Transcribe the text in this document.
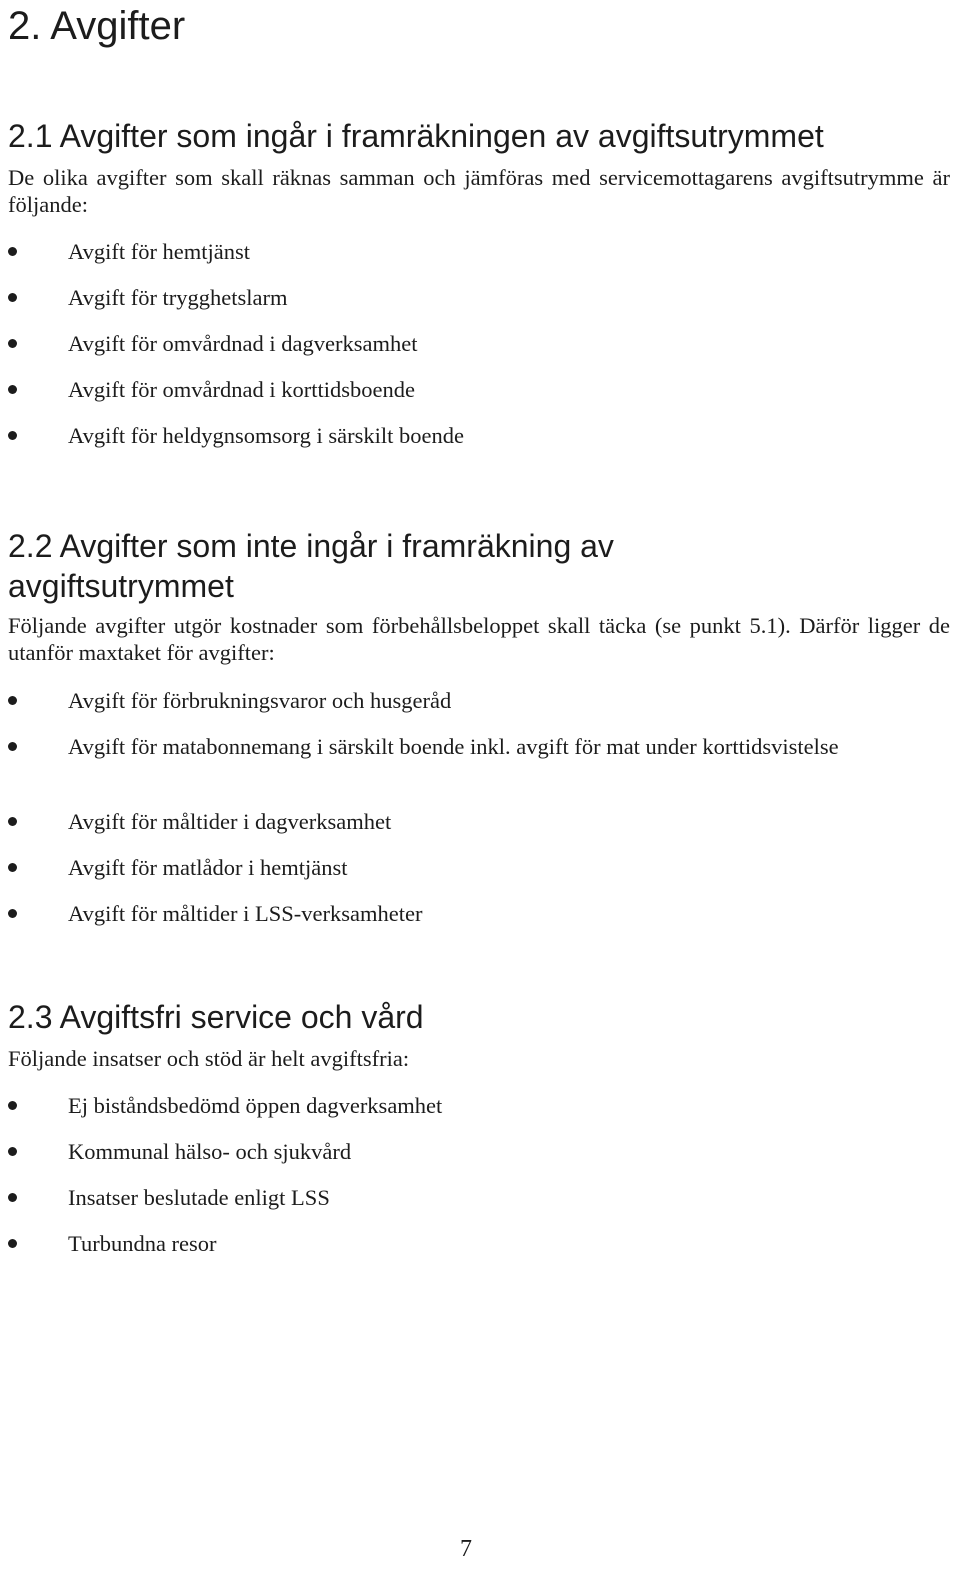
2. Avgifter
2.1 Avgifter som ingår i framräkningen av avgiftsutrymmet

De olika avgifter som skall räknas samman och jämföras med servicemottagarens avgiftsutrymme är följande:

Avgift för hemtjänst
Avgift för trygghetslarm
Avgift för omvårdnad i dagverksamhet
Avgift för omvårdnad i korttidsboende
Avgift för heldygnsomsorg i särskilt boende
2.2 Avgifter som inte ingår i framräkning av avgiftsutrymmet

Följande avgifter utgör kostnader som förbehållsbeloppet skall täcka (se punkt 5.1). Därför ligger de utanför maxtaket för avgifter:

Avgift för förbrukningsvaror och husgeråd
Avgift för matabonnemang i särskilt boende inkl. avgift för mat under korttidsvistelse
Avgift för måltider i dagverksamhet
Avgift för matlådor i hemtjänst
Avgift för måltider i LSS-verksamheter
2.3 Avgiftsfri service och vård

Följande insatser och stöd är helt avgiftsfria:

Ej biståndsbedömd öppen dagverksamhet
Kommunal hälso- och sjukvård
Insatser beslutade enligt LSS
Turbundna resor

7
